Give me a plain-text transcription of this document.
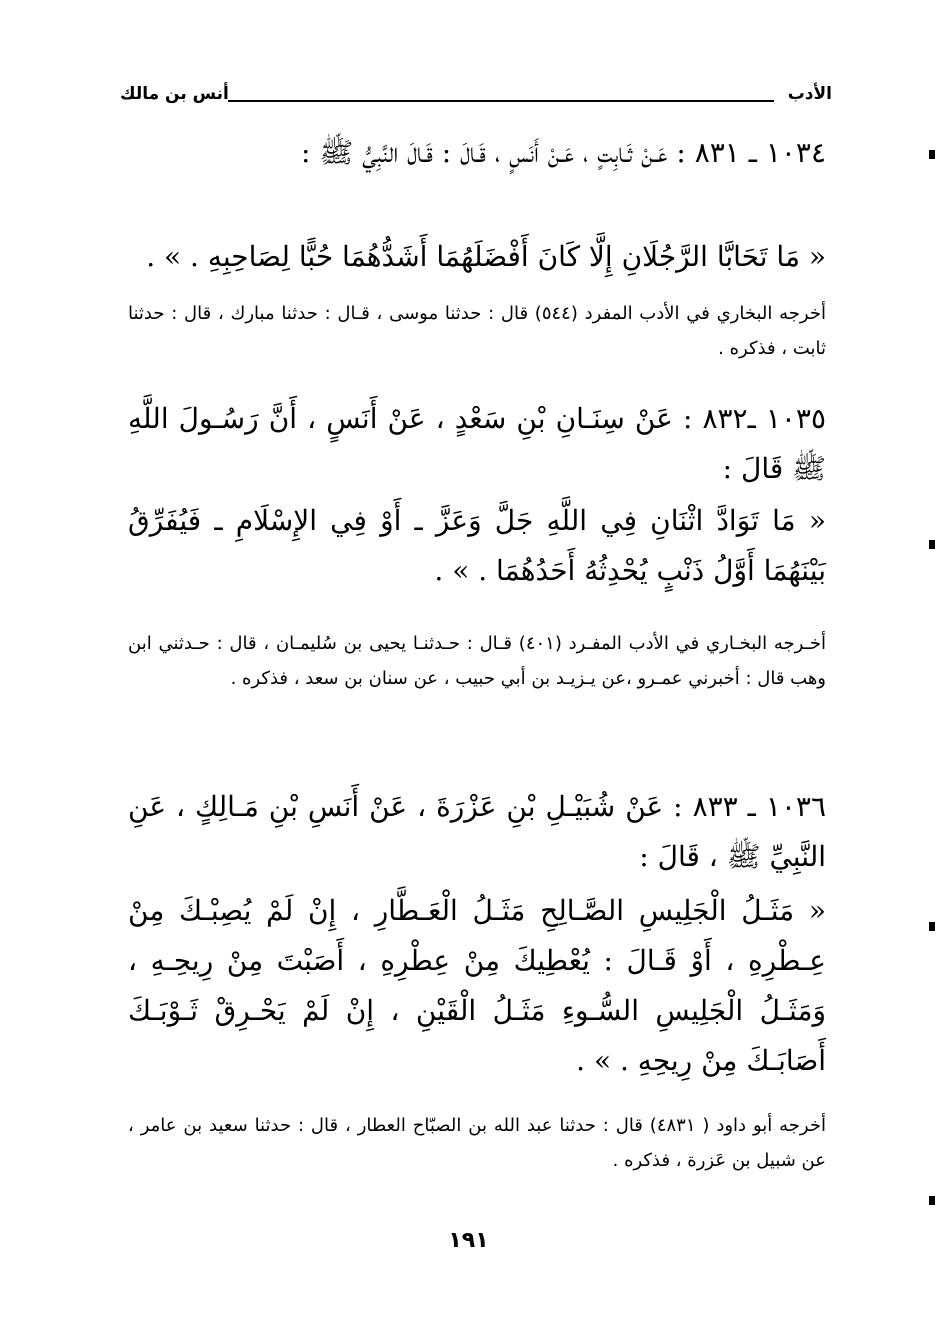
الأدب
أنس بن مالك
١٠٣٤ ـ ٨٣١ : عَـنْ ثَـابِتٍ ، عَـنْ أَنَسٍ ، قَـالَ : قَـالَ النَّبِيُّ ﷺ :
« مَا تَحَابَّا الرَّجُلَانِ إِلَّا كَانَ أَفْضَلَهُمَا أَشَدُّهُمَا حُبًّا لِصَاحِبِهِ . » .
أخرجه البخاري في الأدب المفرد (٥٤٤) قال : حدثنا موسى ، قـال : حدثنا مبارك ، قال : حدثنا ثابت ، فذكره .
١٠٣٥ ـ٨٣٢ : عَنْ سِنَـانِ بْنِ سَعْدٍ ، عَنْ أَنَسٍ ، أَنَّ رَسُـولَ اللَّهِ ﷺ قَالَ :
« مَا تَوَادَّ اثْنَانِ فِي اللَّهِ جَلَّ وَعَزَّ ـ أَوْ فِي الإِسْلَامِ ـ فَيُفَرِّقُ بَيْنَهُمَا أَوَّلُ ذَنْبٍ يُحْدِثُهُ أَحَدُهُمَا . » .
أخـرجه البخـاري في الأدب المفـرد (٤٠١) قـال : حـدثنـا يحيى بن سُليمـان ، قال : حـدثني ابن وهب قال : أخبرني عمـرو ،عن يـزيـد بن أبي حبيب ، عن سنان بن سعد ، فذكره .
١٠٣٦ ـ ٨٣٣ : عَنْ شُبَيْـلِ بْنِ عَزْرَةَ ، عَنْ أَنَسِ بْنِ مَـالِكٍ ، عَنِ النَّبِيِّ ﷺ ، قَالَ :
« مَثَـلُ الْجَلِيسِ الصَّـالِحِ مَثَـلُ الْعَـطَّارِ ، إِنْ لَمْ يُصِبْـكَ مِنْ عِـطْرِهِ ، أَوْ قَـالَ : يُعْطِيكَ مِنْ عِطْرِهِ ، أَصَبْتَ مِنْ رِيحِـهِ ، وَمَثَـلُ الْجَلِيسِ السُّـوءِ مَثَـلُ الْقَيْنِ ، إِنْ لَمْ يَحْـرِقْ ثَـوْبَـكَ أَصَابَـكَ مِنْ رِيحِهِ . » .
أخرجه أبو داود ( ٤٨٣١) قال : حدثنا عبد الله بن الصبّاح العطار ، قال : حدثنا سعيد بن عامر ، عن شبيل بن عَزرة ، فذكره .
١٩١
